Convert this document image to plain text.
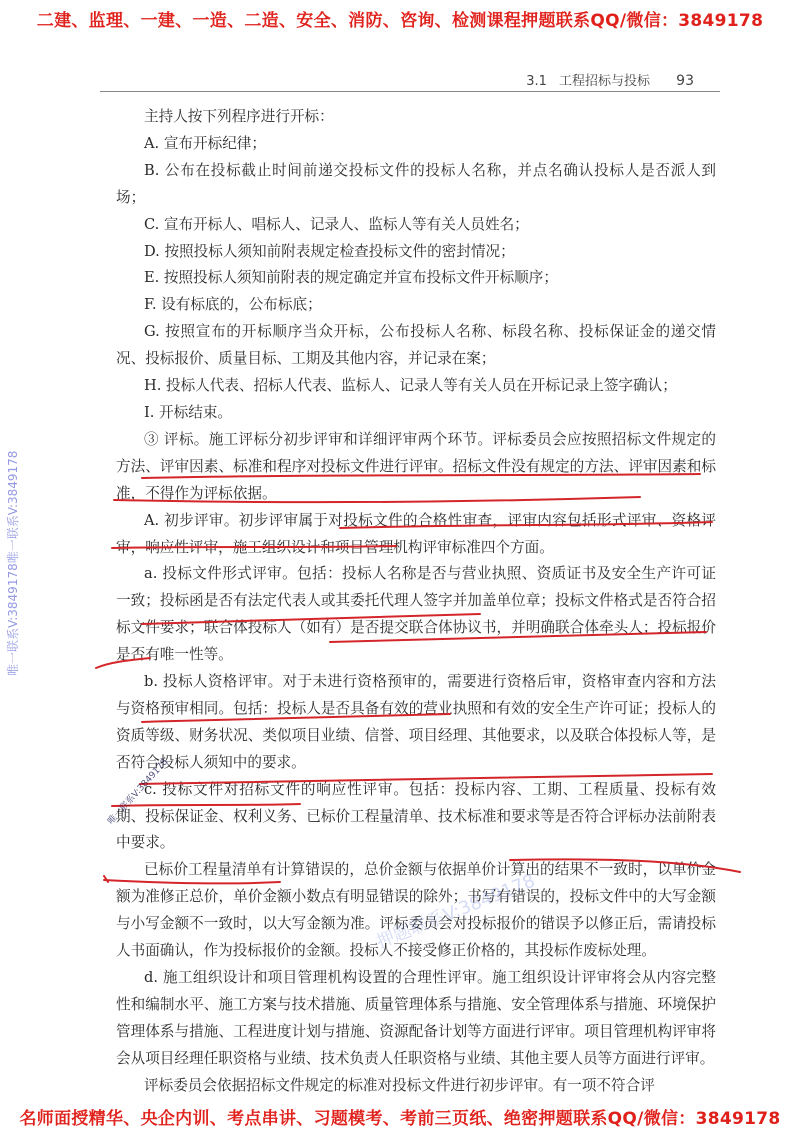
二建、监理、一建、一造、二造、安全、消防、咨询、检测课程押题联系QQ/微信：3849178
3.1 工程招标与投标 93

主持人按下列程序进行开标：

A. 宣布开标纪律；

B. 公布在投标截止时间前递交投标文件的投标人名称，并点名确认投标人是否派人到场；

C. 宣布开标人、唱标人、记录人、监标人等有关人员姓名；

D. 按照投标人须知前附表规定检查投标文件的密封情况；

E. 按照投标人须知前附表的规定确定并宣布投标文件开标顺序；

F. 设有标底的，公布标底；

G. 按照宣布的开标顺序当众开标，公布投标人名称、标段名称、投标保证金的递交情况、投标报价、质量目标、工期及其他内容，并记录在案；

H. 投标人代表、招标人代表、监标人、记录人等有关人员在开标记录上签字确认；

I. 开标结束。

③ 评标。施工评标分初步评审和详细评审两个环节。评标委员会应按照招标文件规定的方法、评审因素、标准和程序对投标文件进行评审。招标文件没有规定的方法、评审因素和标准，不得作为评标依据。

A. 初步评审。初步评审属于对投标文件的合格性审查，评审内容包括形式评审、资格评审，响应性评审，施工组织设计和项目管理机构评审标准四个方面。

a. 投标文件形式评审。包括：投标人名称是否与营业执照、资质证书及安全生产许可证一致；投标函是否有法定代表人或其委托代理人签字并加盖单位章；投标文件格式是否符合招标文件要求；联合体投标人（如有）是否提交联合体协议书，并明确联合体牵头人；投标报价是否有唯一性等。

b. 投标人资格评审。对于未进行资格预审的，需要进行资格后审，资格审查内容和方法与资格预审相同。包括：投标人是否具备有效的营业执照和有效的安全生产许可证；投标人的资质等级、财务状况、类似项目业绩、信誉、项目经理、其他要求，以及联合体投标人等，是否符合投标人须知中的要求。

c. 投标文件对招标文件的响应性评审。包括：投标内容、工期、工程质量、投标有效期、投标保证金、权利义务、已标价工程量清单、技术标准和要求等是否符合评标办法前附表中要求。

已标价工程量清单有计算错误的，总价金额与依据单价计算出的结果不一致时，以单价金额为准修正总价，单价金额小数点有明显错误的除外；书写有错误的，投标文件中的大写金额与小写金额不一致时，以大写金额为准。评标委员会对投标报价的错误予以修正后，需请投标人书面确认，作为投标报价的金额。投标人不接受修正价格的，其投标作废标处理。

d. 施工组织设计和项目管理机构设置的合理性评审。施工组织设计评审将会从内容完整性和编制水平、施工方案与技术措施、质量管理体系与措施、安全管理体系与措施、环境保护管理体系与措施、工程进度计划与措施、资源配备计划等方面进行评审。项目管理机构评审将会从项目经理任职资格与业绩、技术负责人任职资格与业绩、其他主要人员等方面进行评审。

评标委员会依据招标文件规定的标准对投标文件进行初步评审。有一项不符合评

唯一联系V:3849178唯一联系V:3849178
唯一联系V:3849178
押题联系V:3849178
名师面授精华、央企内训、考点串讲、习题模考、考前三页纸、绝密押题联系QQ/微信：3849178
